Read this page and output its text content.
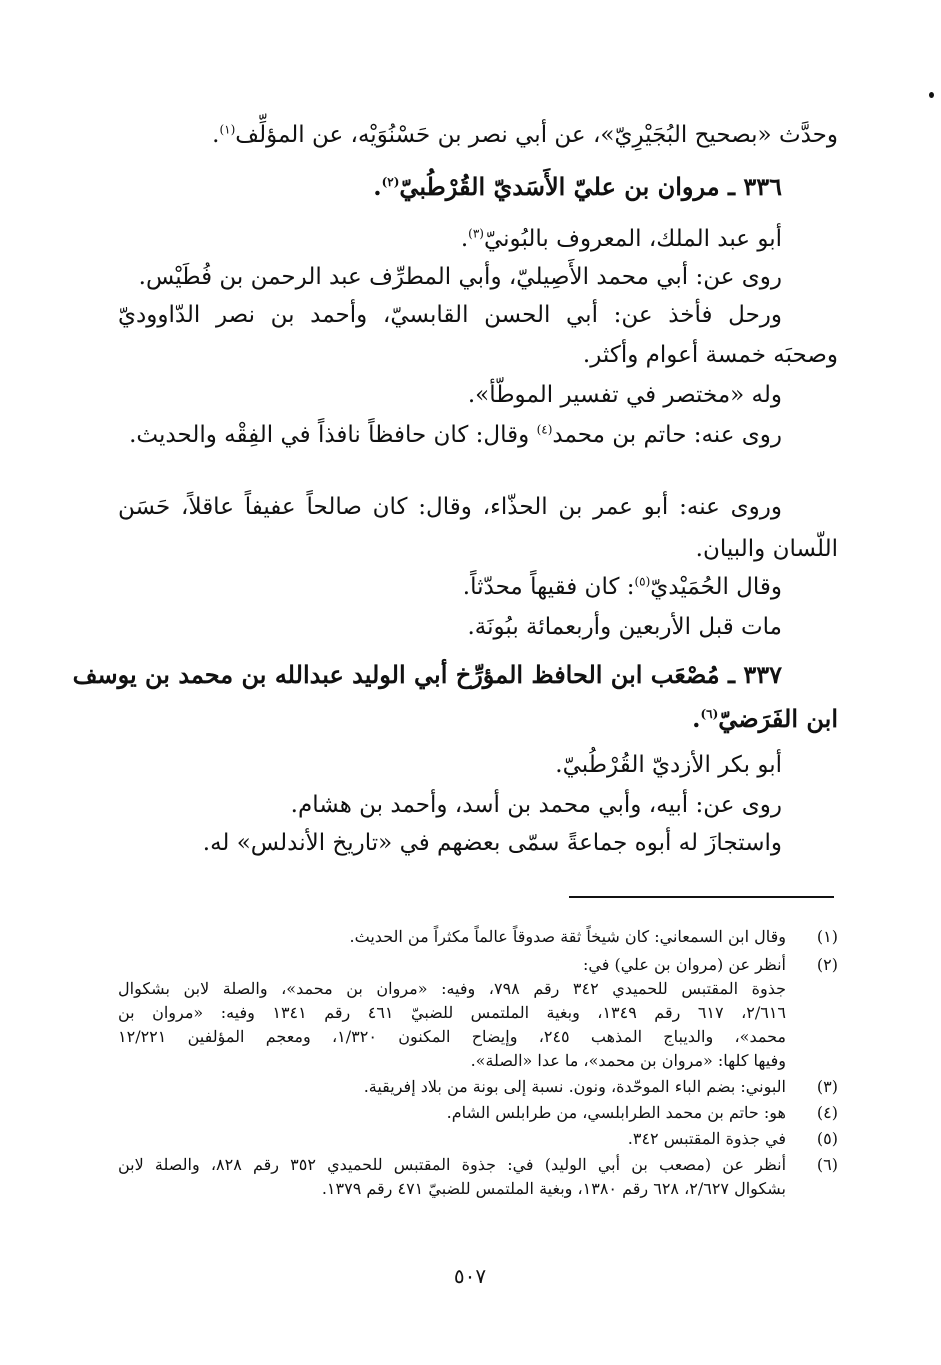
وحدَّث «بصحيح البُجَيْرِيّ»، عن أبي نصر بن حَسْنُوَيْه، عن المؤلِّف$^{(١)}$.
٣٣٦ ـ مروان بن عليّ الأَسَديّ القُرْطُبيّ$^{(٢)}$.
أبو عبد الملك، المعروف بالبُونيّ$^{(٣)}$.
روى عن: أبي محمد الأَصِيليّ، وأبي المطرِّف عبد الرحمن بن فُطَيْس.
ورحل فأخذ عن: أبي الحسن القابسيّ، وأحمد بن نصر الدّاووديّ
وصحبَه خمسة أعوام وأكثر.
وله «مختصر في تفسير الموطّأ».
روى عنه: حاتم بن محمد$^{(٤)}$ وقال: كان حافظاً نافذاً في الفِقْه والحديث.
وروى عنه: أبو عمر بن الحذّاء، وقال: كان صالحاً عفيفاً عاقلاً، حَسَن
اللّسان والبيان.
وقال الحُمَيْديّ$^{(٥)}$: كان فقيهاً محدّثاً.
مات قبل الأربعين وأربعمائة ببُونَة.
٣٣٧ ـ مُصْعَب ابن الحافظ المؤرِّخ أبي الوليد عبدالله بن محمد بن يوسف
ابن الفَرَضيّ$^{(٦)}$.
أبو بكر الأزديّ القُرْطُبيّ.
روى عن: أبيه، وأبي محمد بن أسد، وأحمد بن هشام.
واستجازَ له أبوه جماعةً سمّى بعضهم في «تاريخ الأندلس» له.
(١)
وقال ابن السمعاني: كان شيخاً ثقة صدوقاً عالماً مكثراً من الحديث.
(٢)
أنظر عن (مروان بن علي) في:
جذوة المقتبس للحميدي ٣٤٢ رقم ٧٩٨، وفيه: «مروان بن محمد»، والصلة لابن بشكوال
٢/٦١٦، ٦١٧ رقم ١٣٤٩، وبغية الملتمس للضبيّ ٤٦١ رقم ١٣٤١ وفيه: «مروان بن
محمد»، والديباج المذهب ٢٤٥، وإيضاح المكنون ١/٣٢٠، ومعجم المؤلفين ١٢/٢٢١
وفيها كلها: «مروان بن محمد»، ما عدا «الصلة».
(٣)
البوني: بضم الباء الموحّدة، ونون. نسبة إلى بونة من بلاد إفريقية.
(٤)
هو: حاتم بن محمد الطرابلسي، من طرابلس الشام.
(٥)
في جذوة المقتبس ٣٤٢.
(٦)
أنظر عن (مصعب بن أبي الوليد) في: جذوة المقتبس للحميدي ٣٥٢ رقم ٨٢٨، والصلة لابن
بشكوال ٢/٦٢٧، ٦٢٨ رقم ١٣٨٠، وبغية الملتمس للضبيّ ٤٧١ رقم ١٣٧٩.
٥٠٧
